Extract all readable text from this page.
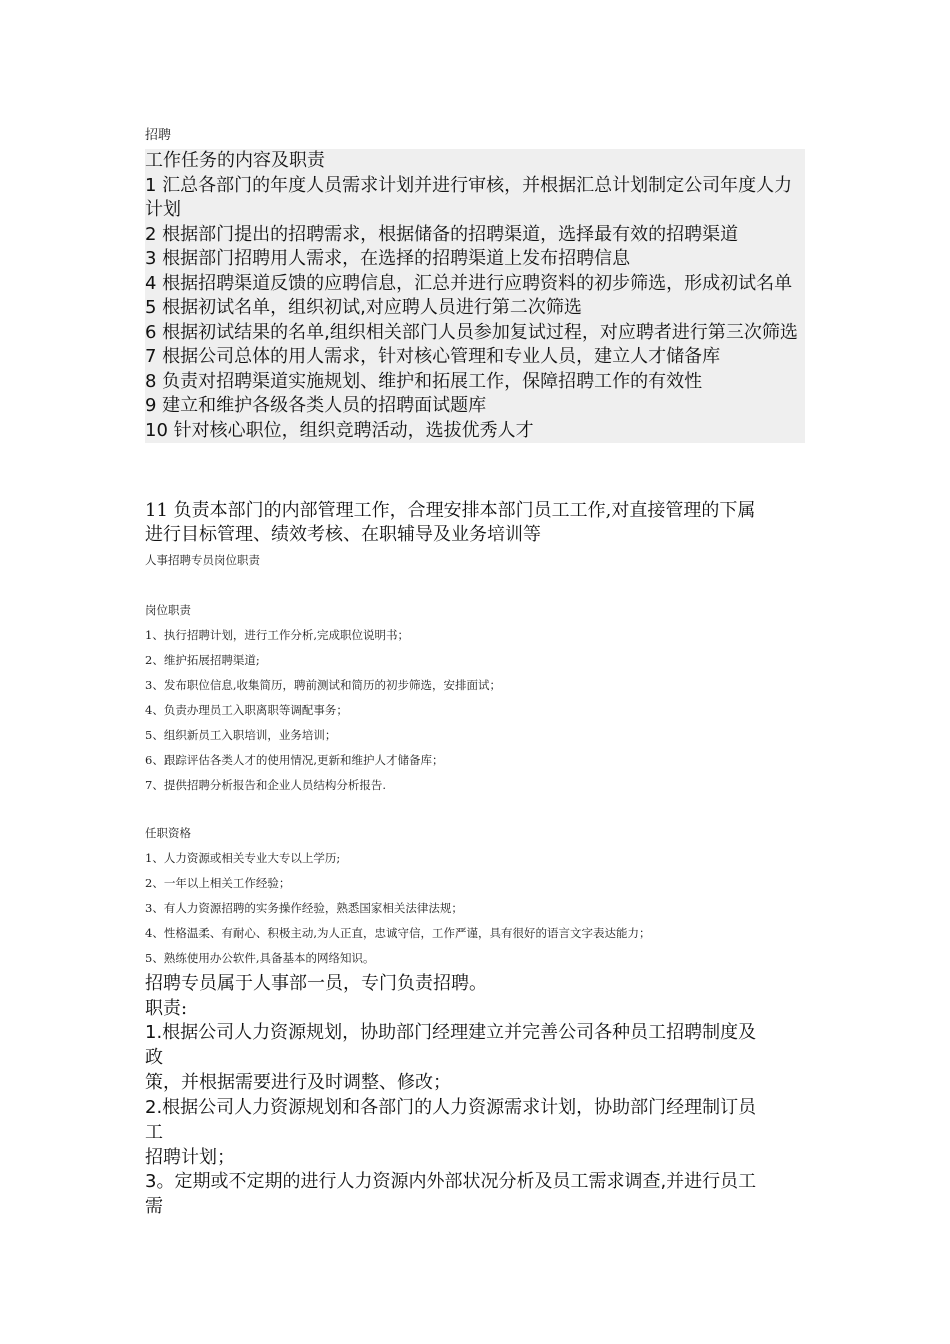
招聘
工作任务的内容及职责
1 汇总各部门的年度人员需求计划并进行审核，并根据汇总计划制定公司年度人力计划
2 根据部门提出的招聘需求，根据储备的招聘渠道，选择最有效的招聘渠道
3 根据部门招聘用人需求，在选择的招聘渠道上发布招聘信息
4 根据招聘渠道反馈的应聘信息，汇总并进行应聘资料的初步筛选，形成初试名单
5 根据初试名单，组织初试,对应聘人员进行第二次筛选
6 根据初试结果的名单,组织相关部门人员参加复试过程，对应聘者进行第三次筛选
7 根据公司总体的用人需求，针对核心管理和专业人员，建立人才储备库
8 负责对招聘渠道实施规划、维护和拓展工作，保障招聘工作的有效性
9 建立和维护各级各类人员的招聘面试题库
10 针对核心职位，组织竞聘活动，选拔优秀人才
11 负责本部门的内部管理工作，合理安排本部门员工工作,对直接管理的下属
进行目标管理、绩效考核、在职辅导及业务培训等
人事招聘专员岗位职责
岗位职责
1、执行招聘计划，进行工作分析,完成职位说明书；
2、维护拓展招聘渠道;
3、发布职位信息,收集简历，聘前测试和简历的初步筛选，安排面试；
4、负责办理员工入职离职等调配事务；
5、组织新员工入职培训，业务培训；
6、跟踪评估各类人才的使用情况,更新和维护人才储备库；
7、提供招聘分析报告和企业人员结构分析报告.
任职资格
1、人力资源或相关专业大专以上学历;
2、一年以上相关工作经验；
3、有人力资源招聘的实务操作经验，熟悉国家相关法律法规；
4、性格温柔、有耐心、积极主动,为人正直，忠诚守信，工作严谨，具有很好的语言文字表达能力；
5、熟练使用办公软件,具备基本的网络知识。
招聘专员属于人事部一员，专门负责招聘。
职责:
1.根据公司人力资源规划，协助部门经理建立并完善公司各种员工招聘制度及
政
策，并根据需要进行及时调整、修改；
2.根据公司人力资源规划和各部门的人力资源需求计划，协助部门经理制订员
工
招聘计划；
3。定期或不定期的进行人力资源内外部状况分析及员工需求调查,并进行员工
需
